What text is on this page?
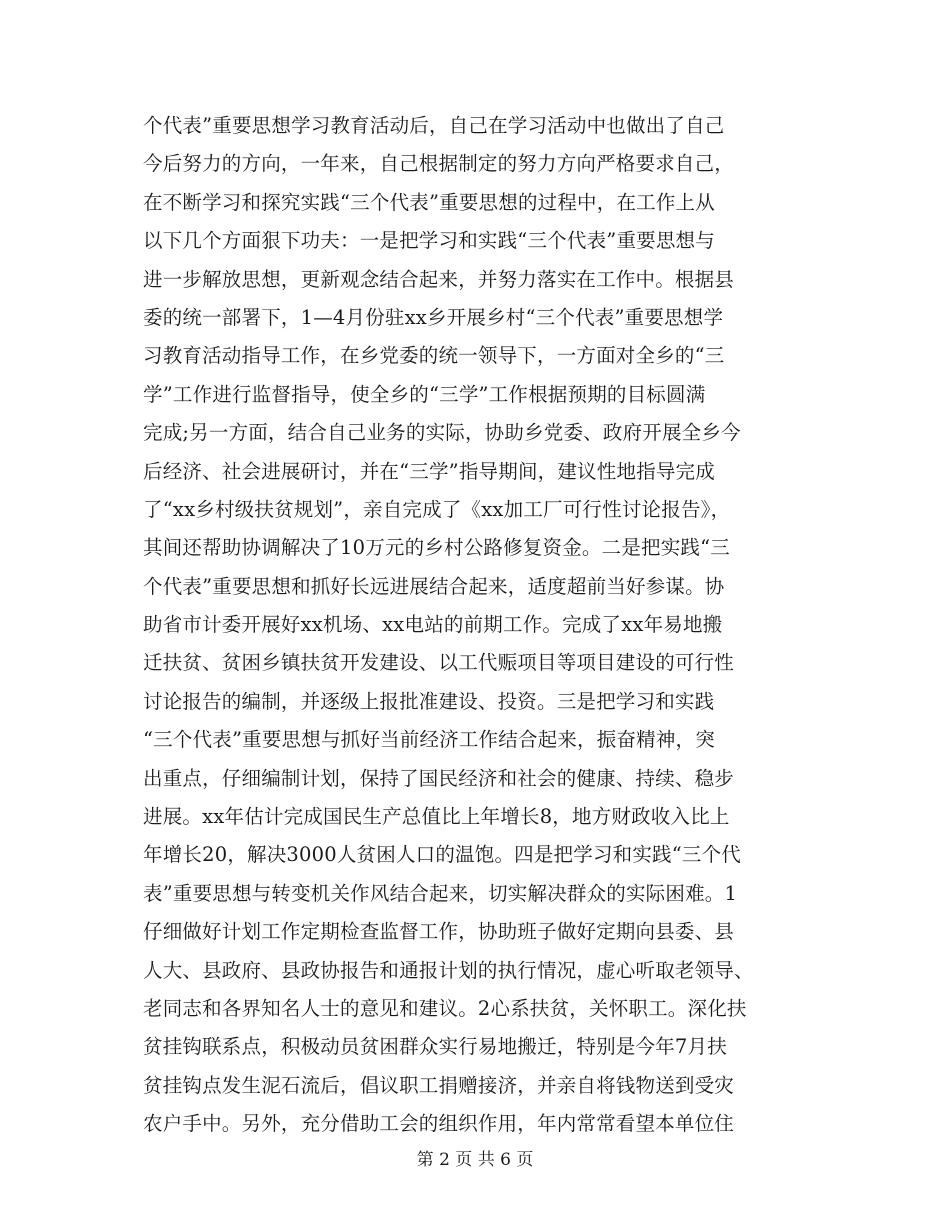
个代表”重要思想学习教育活动后，自己在学习活动中也做出了自己
今后努力的方向，一年来，自己根据制定的努力方向严格要求自己，
在不断学习和探究实践“三个代表”重要思想的过程中，在工作上从
以下几个方面狠下功夫：一是把学习和实践“三个代表”重要思想与
进一步解放思想，更新观念结合起来，并努力落实在工作中。根据县
委的统一部署下，1—4月份驻xx乡开展乡村“三个代表”重要思想学
习教育活动指导工作，在乡党委的统一领导下，一方面对全乡的“三
学”工作进行监督指导，使全乡的“三学”工作根据预期的目标圆满
完成;另一方面，结合自己业务的实际，协助乡党委、政府开展全乡今
后经济、社会进展研讨，并在“三学”指导期间，建议性地指导完成
了“xx乡村级扶贫规划”，亲自完成了《xx加工厂可行性讨论报告》，
其间还帮助协调解决了10万元的乡村公路修复资金。二是把实践“三
个代表”重要思想和抓好长远进展结合起来，适度超前当好参谋。协
助省市计委开展好xx机场、xx电站的前期工作。完成了xx年易地搬
迁扶贫、贫困乡镇扶贫开发建设、以工代赈项目等项目建设的可行性
讨论报告的编制，并逐级上报批准建设、投资。三是把学习和实践
“三个代表”重要思想与抓好当前经济工作结合起来，振奋精神，突
出重点，仔细编制计划，保持了国民经济和社会的健康、持续、稳步
进展。xx年估计完成国民生产总值比上年增长8，地方财政收入比上
年增长20，解决3000人贫困人口的温饱。四是把学习和实践“三个代
表”重要思想与转变机关作风结合起来，切实解决群众的实际困难。1
仔细做好计划工作定期检查监督工作，协助班子做好定期向县委、县
人大、县政府、县政协报告和通报计划的执行情况，虚心听取老领导、
老同志和各界知名人士的意见和建议。2心系扶贫，关怀职工。深化扶
贫挂钩联系点，积极动员贫困群众实行易地搬迁，特别是今年7月扶
贫挂钩点发生泥石流后，倡议职工捐赠接济，并亲自将钱物送到受灾
农户手中。另外，充分借助工会的组织作用，年内常常看望本单位住
第 2 页 共 6 页
